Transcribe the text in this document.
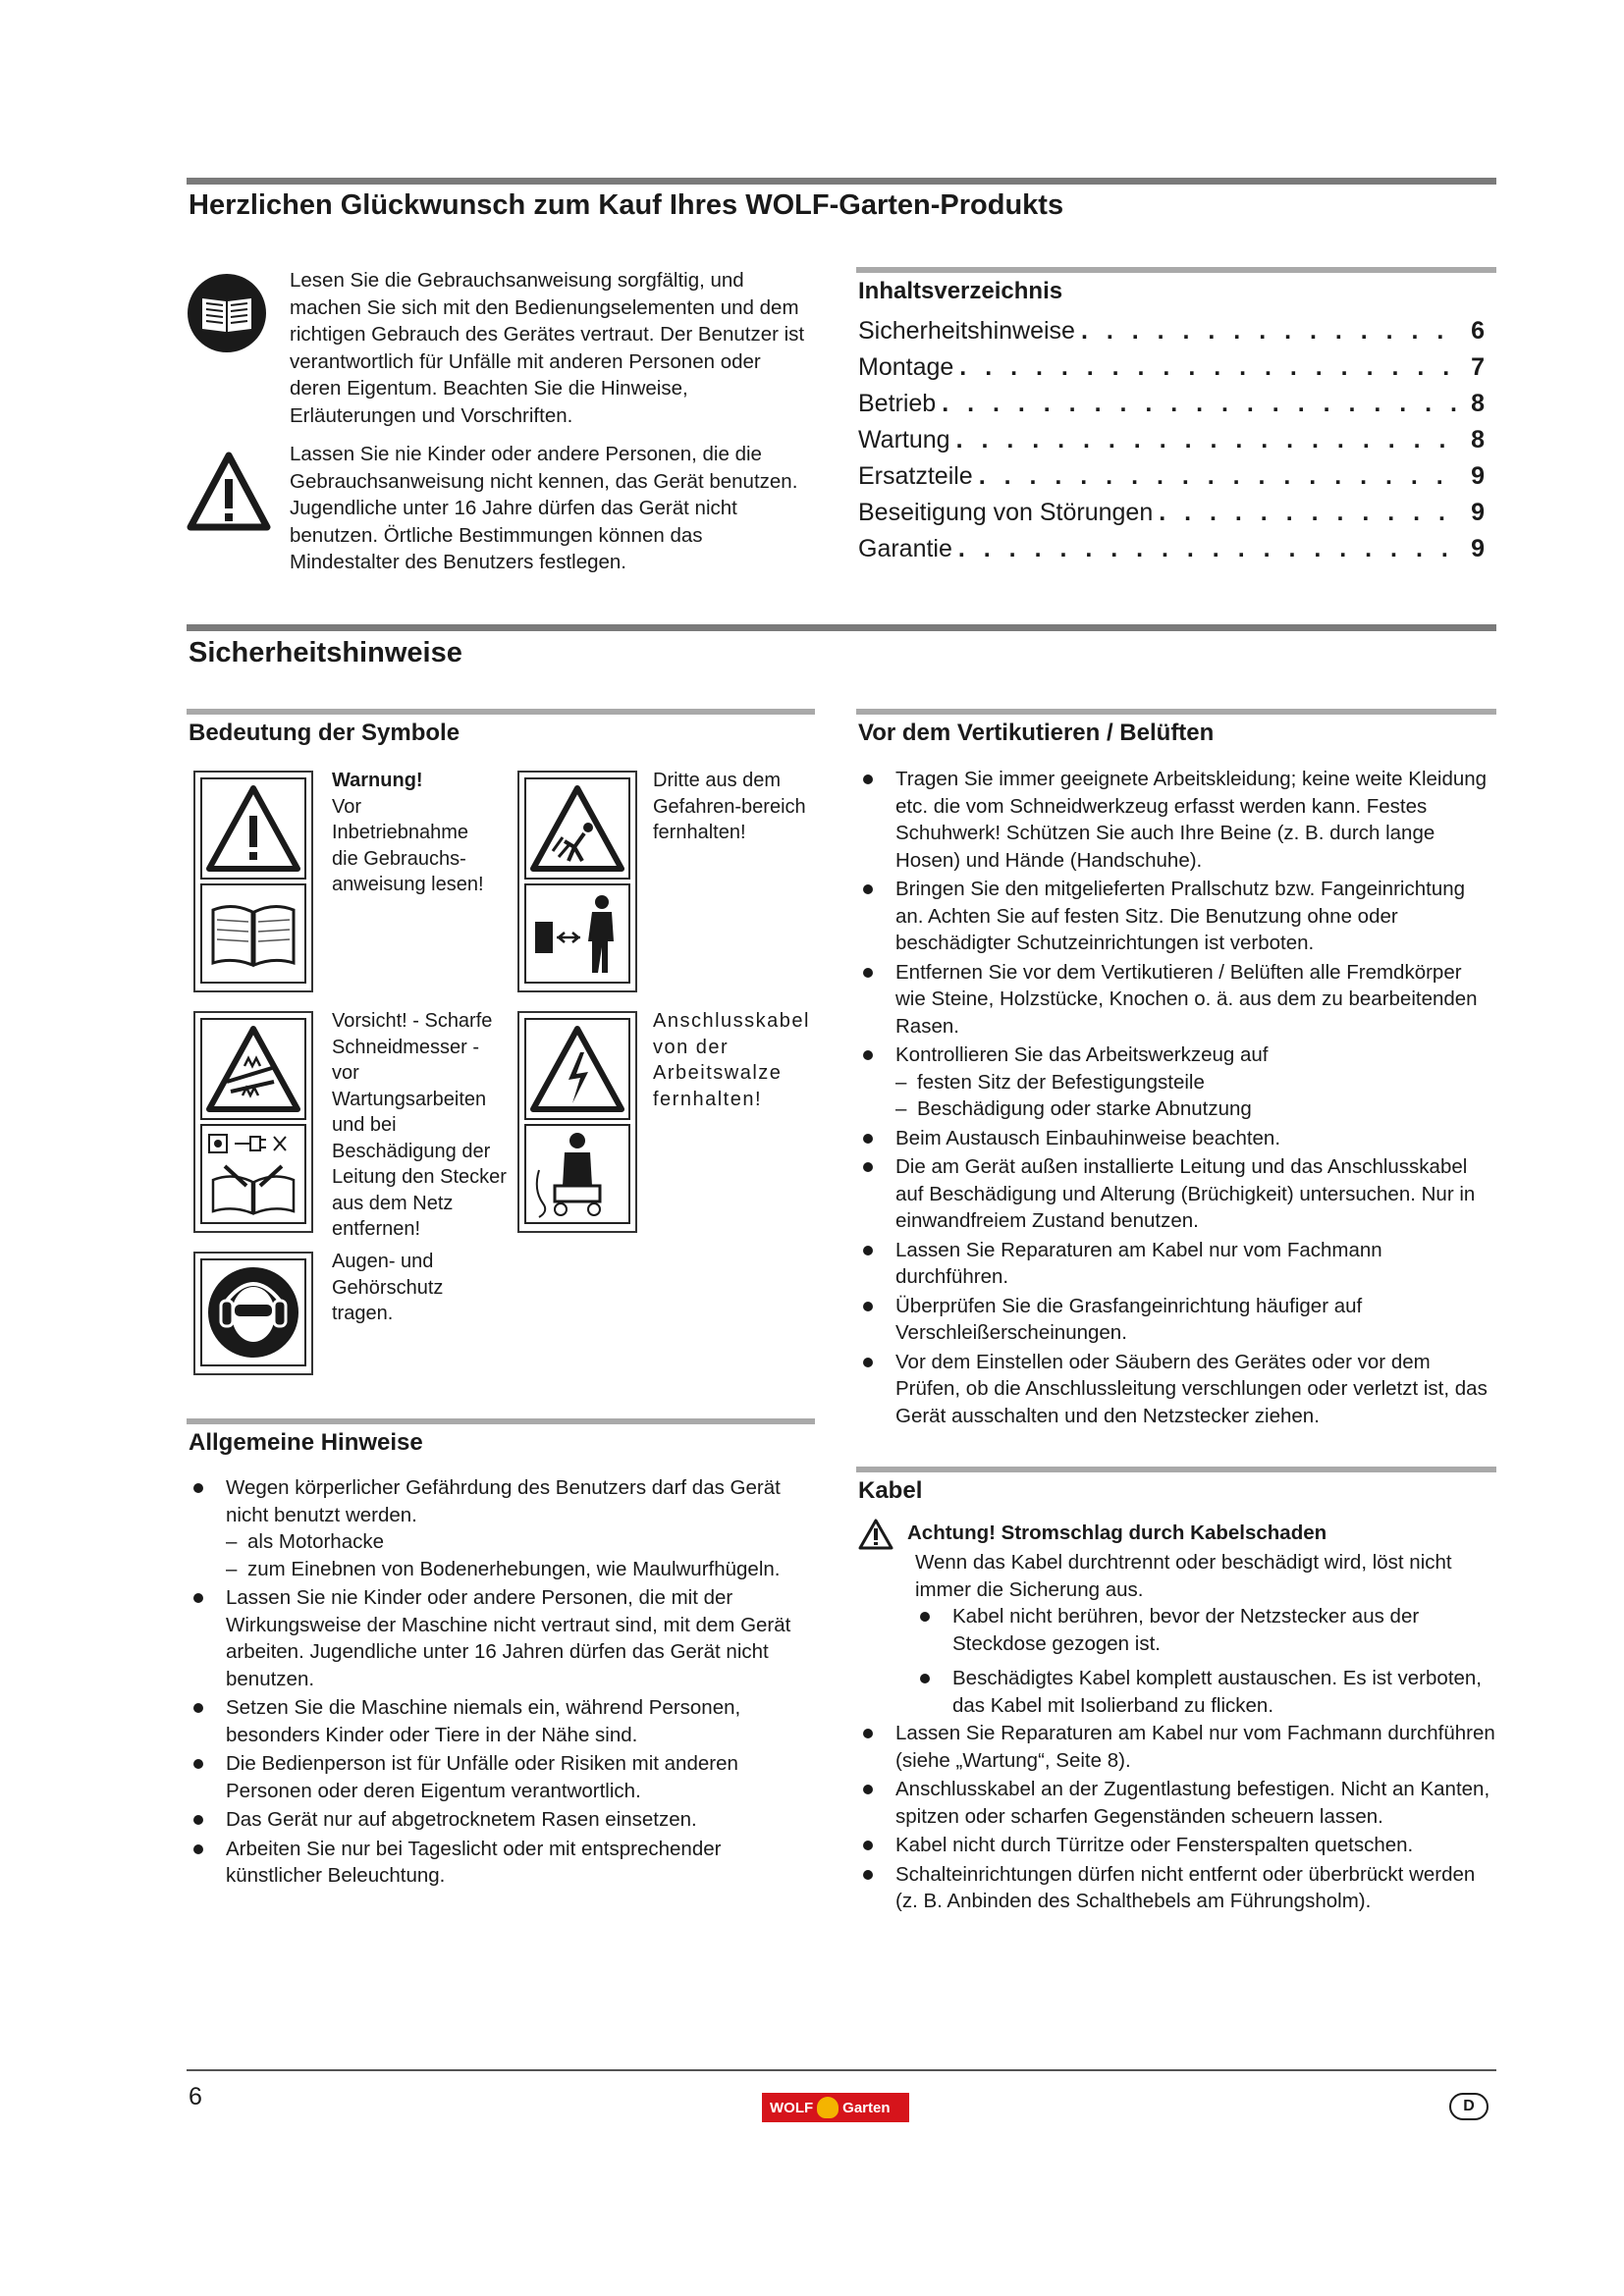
Herzlichen Glückwunsch zum Kauf Ihres WOLF-Garten-Produkts

Lesen Sie die Gebrauchsanweisung sorgfältig, und machen Sie sich mit den Bedienungselementen und dem richtigen Gebrauch des Gerätes vertraut. Der Benutzer ist verantwortlich für Unfälle mit anderen Personen oder deren Eigentum. Beachten Sie die Hinweise, Erläuterungen und Vorschriften.

Lassen Sie nie Kinder oder andere Personen, die die Gebrauchsanweisung nicht kennen, das Gerät benutzen. Jugendliche unter 16 Jahre dürfen das Gerät nicht benutzen. Örtliche Bestimmungen können das Mindestalter des Benutzers festlegen.

Inhaltsverzeichnis
Sicherheitshinweise . . .	6
Montage . . .	7
Betrieb . . .	8
Wartung . . .	8
Ersatzteile . . .	9
Beseitigung von Störungen . . .	9
Garantie . . .	9
Sicherheitshinweise
Bedeutung der Symbole
Warnung!
Vor Inbetriebnahme die Gebrauchs-anweisung lesen!
Dritte aus dem Gefahren-bereich fernhalten!
Vorsicht! - Scharfe Schneidmesser - vor Wartungsarbeiten und bei Beschädigung der Leitung den Stecker aus dem Netz entfernen!
Anschlusskabel von der Arbeitswalze fernhalten!
Augen- und Gehörschutz tragen.
Allgemeine Hinweise
Wegen körperlicher Gefährdung des Benutzers darf das Gerät nicht benutzt werden.
– als Motorhacke
– zum Einebnen von Bodenerhebungen, wie Maulwurfhügeln.
Lassen Sie nie Kinder oder andere Personen, die mit der Wirkungsweise der Maschine nicht vertraut sind, mit dem Gerät arbeiten. Jugendliche unter 16 Jahren dürfen das Gerät nicht benutzen.
Setzen Sie die Maschine niemals ein, während Personen, besonders Kinder oder Tiere in der Nähe sind.
Die Bedienperson ist für Unfälle oder Risiken mit anderen Personen oder deren Eigentum verantwortlich.
Das Gerät nur auf abgetrocknetem Rasen einsetzen.
Arbeiten Sie nur bei Tageslicht oder mit entsprechender künstlicher Beleuchtung.
Vor dem Vertikutieren / Belüften
Tragen Sie immer geeignete Arbeitskleidung; keine weite Kleidung etc. die vom Schneidwerkzeug erfasst werden kann. Festes Schuhwerk! Schützen Sie auch Ihre Beine (z. B. durch lange Hosen) und Hände (Handschuhe).
Bringen Sie den mitgelieferten Prallschutz bzw. Fangeinrichtung an. Achten Sie auf festen Sitz. Die Benutzung ohne oder beschädigter Schutzeinrichtungen ist verboten.
Entfernen Sie vor dem Vertikutieren / Belüften alle Fremdkörper wie Steine, Holzstücke, Knochen o. ä. aus dem zu bearbeitenden Rasen.
Kontrollieren Sie das Arbeitswerkzeug auf
– festen Sitz der Befestigungsteile
– Beschädigung oder starke Abnutzung
Beim Austausch Einbauhinweise beachten.
Die am Gerät außen installierte Leitung und das Anschlusskabel auf Beschädigung und Alterung (Brüchigkeit) untersuchen. Nur in einwandfreiem Zustand benutzen.
Lassen Sie Reparaturen am Kabel nur vom Fachmann durchführen.
Überprüfen Sie die Grasfangeinrichtung häufiger auf Verschleißerscheinungen.
Vor dem Einstellen oder Säubern des Gerätes oder vor dem Prüfen, ob die Anschlussleitung verschlungen oder verletzt ist, das Gerät ausschalten und den Netzstecker ziehen.
Kabel
Achtung! Stromschlag durch Kabelschaden
Wenn das Kabel durchtrennt oder beschädigt wird, löst nicht immer die Sicherung aus.
Kabel nicht berühren, bevor der Netzstecker aus der Steckdose gezogen ist.
Beschädigtes Kabel komplett austauschen. Es ist verboten, das Kabel mit Isolierband zu flicken.
Lassen Sie Reparaturen am Kabel nur vom Fachmann durchführen (siehe „Wartung“, Seite 8).
Anschlusskabel an der Zugentlastung befestigen. Nicht an Kanten, spitzen oder scharfen Gegenständen scheuern lassen.
Kabel nicht durch Türritze oder Fensterspalten quetschen.
Schalteinrichtungen dürfen nicht entfernt oder überbrückt werden (z. B. Anbinden des Schalthebels am Führungsholm).
6	WOLF Garten	D
